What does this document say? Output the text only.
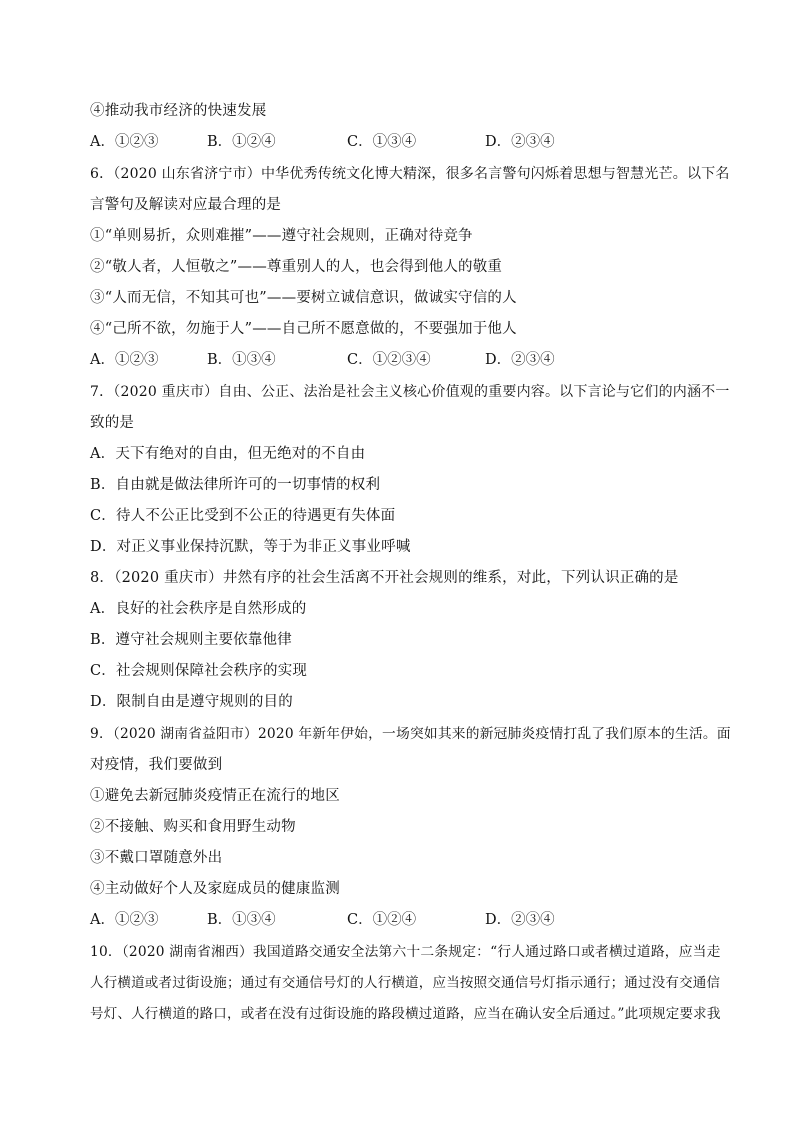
④推动我市经济的快速发展
A．①②③	B．①②④	C．①③④	D．②③④
6．（2020 山东省济宁市）中华优秀传统文化博大精深，很多名言警句闪烁着思想与智慧光芒。以下名
言警句及解读对应最合理的是
①“单则易折，众则难摧”——遵守社会规则，正确对待竞争
②“敬人者，人恒敬之”——尊重别人的人，也会得到他人的敬重
③“人而无信，不知其可也”——要树立诚信意识，做诚实守信的人
④“己所不欲，勿施于人”——自己所不愿意做的，不要强加于他人
A．①②③	B．①③④	C．①②③④	D．②③④
7．（2020 重庆市）自由、公正、法治是社会主义核心价值观的重要内容。以下言论与它们的内涵不一
致的是
A．天下有绝对的自由，但无绝对的不自由
B．自由就是做法律所许可的一切事情的权利
C．待人不公正比受到不公正的待遇更有失体面
D．对正义事业保持沉默，等于为非正义事业呼喊
8．（2020 重庆市）井然有序的社会生活离不开社会规则的维系，对此，下列认识正确的是
A．良好的社会秩序是自然形成的
B．遵守社会规则主要依靠他律
C．社会规则保障社会秩序的实现
D．限制自由是遵守规则的目的
9．（2020 湖南省益阳市）2020 年新年伊始，一场突如其来的新冠肺炎疫情打乱了我们原本的生活。面
对疫情，我们要做到
①避免去新冠肺炎疫情正在流行的地区
②不接触、购买和食用野生动物
③不戴口罩随意外出
④主动做好个人及家庭成员的健康监测
A．①②③	B．①③④	C．①②④	D．②③④
10．（2020 湖南省湘西）我国道路交通安全法第六十二条规定：“行人通过路口或者横过道路，应当走
人行横道或者过街设施；通过有交通信号灯的人行横道，应当按照交通信号灯指示通行；通过没有交通信
号灯、人行横道的路口，或者在没有过街设施的路段横过道路，应当在确认安全后通过。”此项规定要求我
